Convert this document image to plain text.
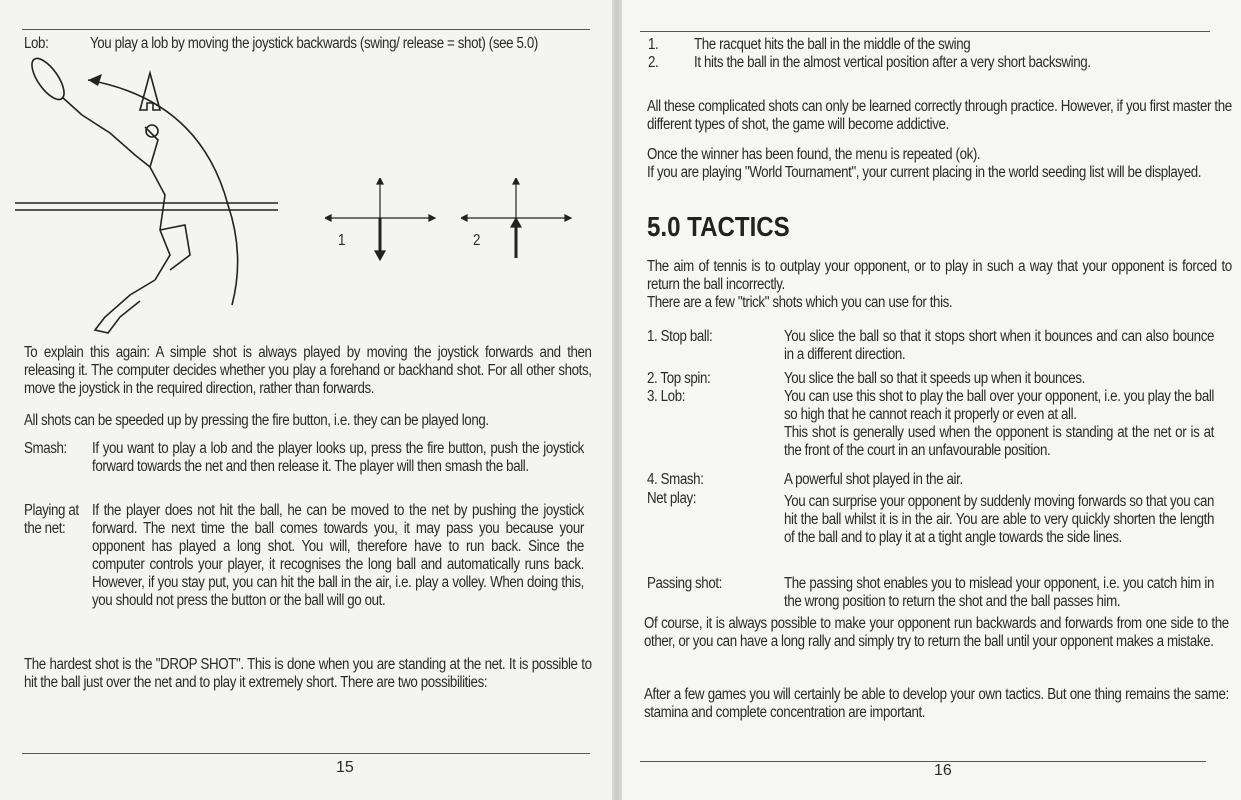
Lob:	You play a lob by moving the joystick backwards (swing/ release = shot) (see 5.0)
1	2
To explain this again: A simple shot is always played by moving the joystick forwards and then releasing it. The computer decides whether you play a forehand or backhand shot. For all other shots, move the joystick in the required direction, rather than forwards.
All shots can be speeded up by pressing the fire button, i.e. they can be played long.
Smash: If you want to play a lob and the player looks up, press the fire button, push the joystick forward towards the net and then release it. The player will then smash the ball.
Playing at the net:
If the player does not hit the ball, he can be moved to the net by pushing the joystick forward. The next time the ball comes towards you, it may pass you because your opponent has played a long shot. You will, therefore have to run back. Since the computer controls your player, it recognises the long ball and automatically runs back. However, if you stay put, you can hit the ball in the air, i.e. play a volley. When doing this, you should not press the button or the ball will go out.
The hardest shot is the "DROP SHOT". This is done when you are standing at the net. It is possible to hit the ball just over the net and to play it extremely short. There are two possibilities:
15
1. The racquet hits the ball in the middle of the swing
2. It hits the ball in the almost vertical position after a very short backswing.
All these complicated shots can only be learned correctly through practice. However, if you first master the different types of shot, the game will become addictive.
Once the winner has been found, the menu is repeated (ok).
If you are playing "World Tournament", your current placing in the world seeding list will be displayed.
5.0 TACTICS
The aim of tennis is to outplay your opponent, or to play in such a way that your opponent is forced to return the ball incorrectly.
There are a few "trick" shots which you can use for this.
1. Stop ball:	You slice the ball so that it stops short when it bounces and can also bounce in a different direction.
2. Top spin:	You slice the ball so that it speeds up when it bounces.
3. Lob:	You can use this shot to play the ball over your opponent, i.e. you play the ball so high that he cannot reach it properly or even at all.
This shot is generally used when the opponent is standing at the net or is at the front of the court in an unfavourable position.
4. Smash:	A powerful shot played in the air.
Net play:	You can surprise your opponent by suddenly moving forwards so that you can hit the ball whilst it is in the air. You are able to very quickly shorten the length of the ball and to play it at a tight angle towards the side lines.
Passing shot:	The passing shot enables you to mislead your opponent, i.e. you catch him in the wrong position to return the shot and the ball passes him.
Of course, it is always possible to make your opponent run backwards and forwards from one side to the other, or you can have a long rally and simply try to return the ball until your opponent makes a mistake.
After a few games you will certainly be able to develop your own tactics. But one thing remains the same: stamina and complete concentration are important.
16
